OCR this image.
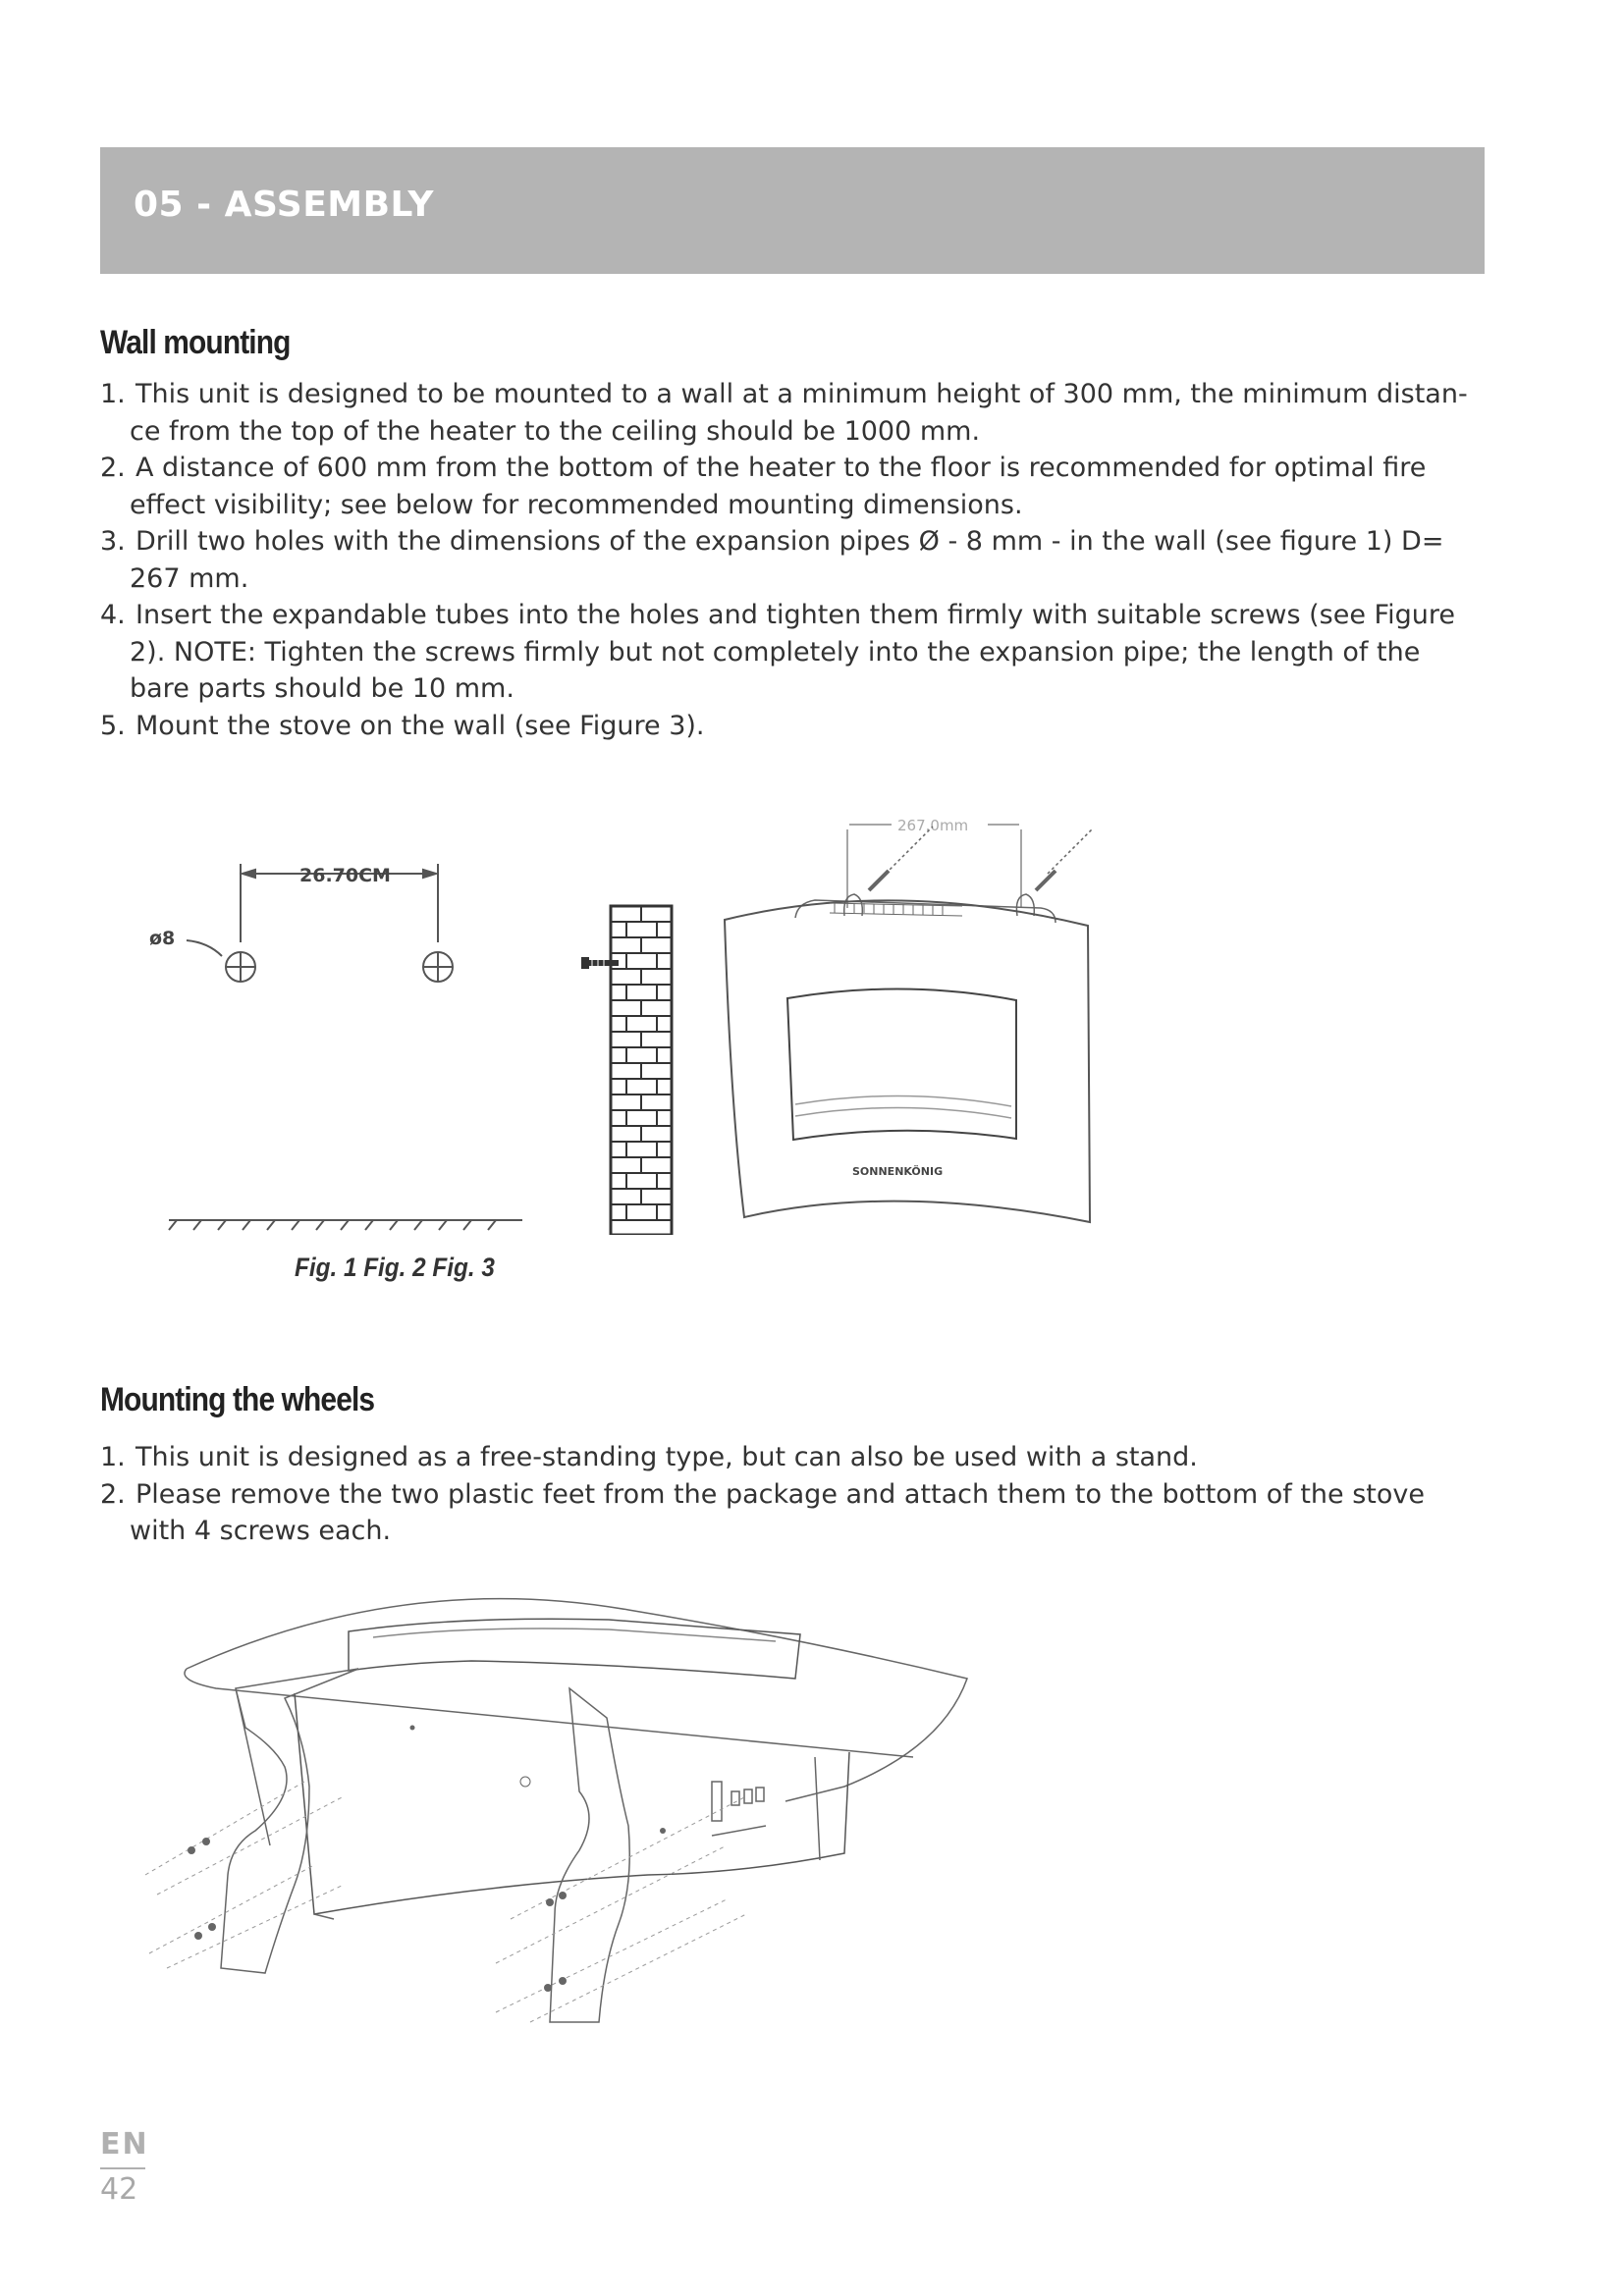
05 - ASSEMBLY
Wall mounting
1. This unit is designed to be mounted to a wall at a minimum height of 300 mm, the minimum distan-
ce from the top of the heater to the ceiling should be 1000 mm.
2. A distance of 600 mm from the bottom of the heater to the floor is recommended for optimal fire
effect visibility; see below for recommended mounting dimensions.
3. Drill two holes with the dimensions of the expansion pipes Ø - 8 mm - in the wall (see figure 1) D=
267 mm.
4. Insert the expandable tubes into the holes and tighten them firmly with suitable screws (see Figure
2). NOTE: Tighten the screws firmly but not completely into the expansion pipe; the length of the
bare parts should be 10 mm.
5. Mount the stove on the wall (see Figure 3).
26.70CM
ø8
267.0mm
SONNENKÖNIG

Fig. 1 Fig. 2 Fig. 3

Mounting the wheels
1. This unit is designed as a free-standing type, but can also be used with a stand.
2. Please remove the two plastic feet from the package and attach them to the bottom of the stove
with 4 screws each.
EN
42
